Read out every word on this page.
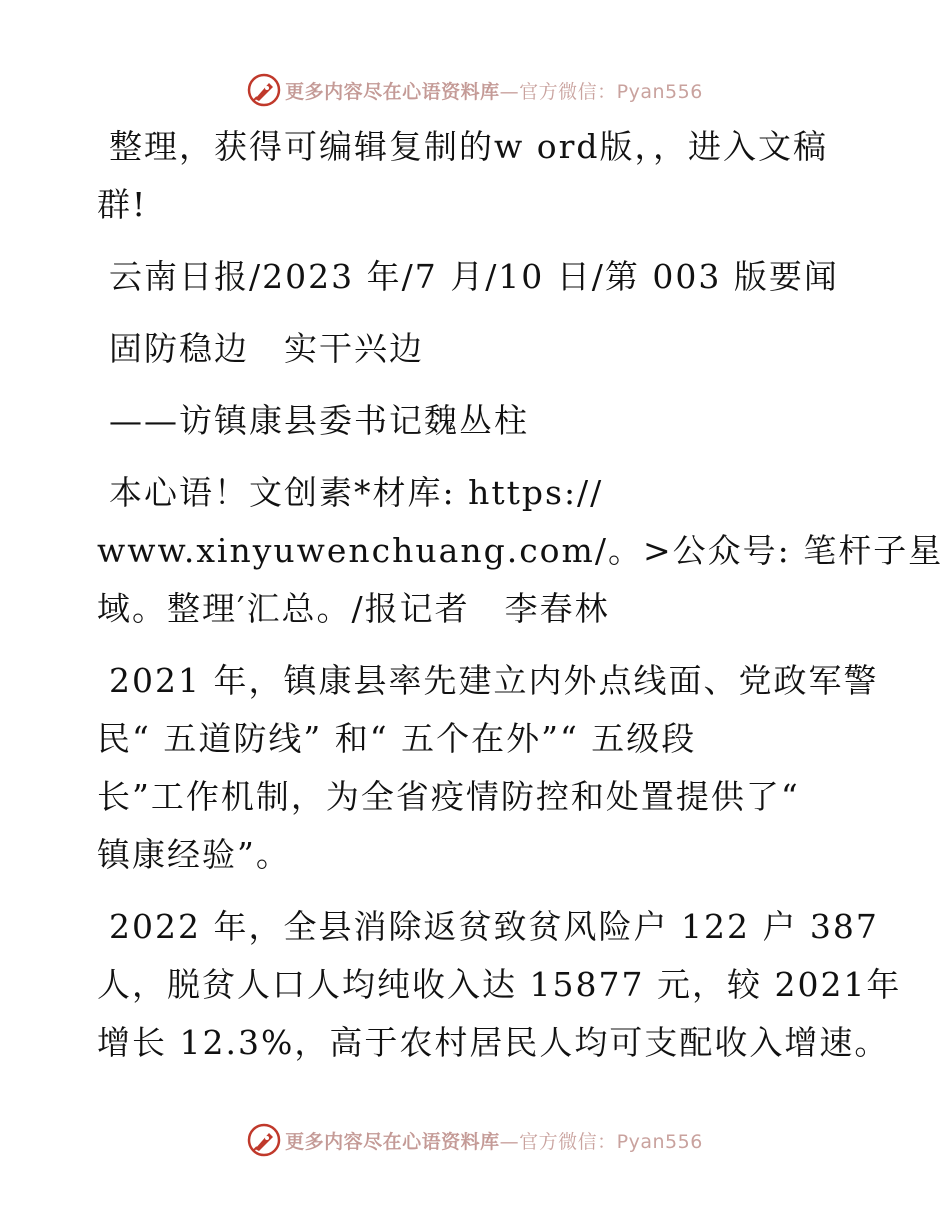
更多内容尽在心语资料库—官方微信：Pyan556
整理，获得可编辑复制的w ord版，，进入文稿
群!
云南日报/2023 年/7 月/10 日/第 003 版要闻
固防稳边　实干兴边
——访镇康县委书记魏丛柱
本心语！文创素*材库: https://
www.xinyuwenchuang.com/。>公众号: 笔杆子星
域。整理′汇总。/报记者　李春林
2021 年，镇康县率先建立内外点线面、党政军警
民“ 五道防线” 和“ 五个在外”“ 五级段
长”工作机制，为全省疫情防控和处置提供了“
镇康经验”。
2022 年，全县消除返贫致贫风险户 122 户 387
人，脱贫人口人均纯收入达 15877 元，较 2021年
增长 12.3%，高于农村居民人均可支配收入增速。
更多内容尽在心语资料库—官方微信：Pyan556
